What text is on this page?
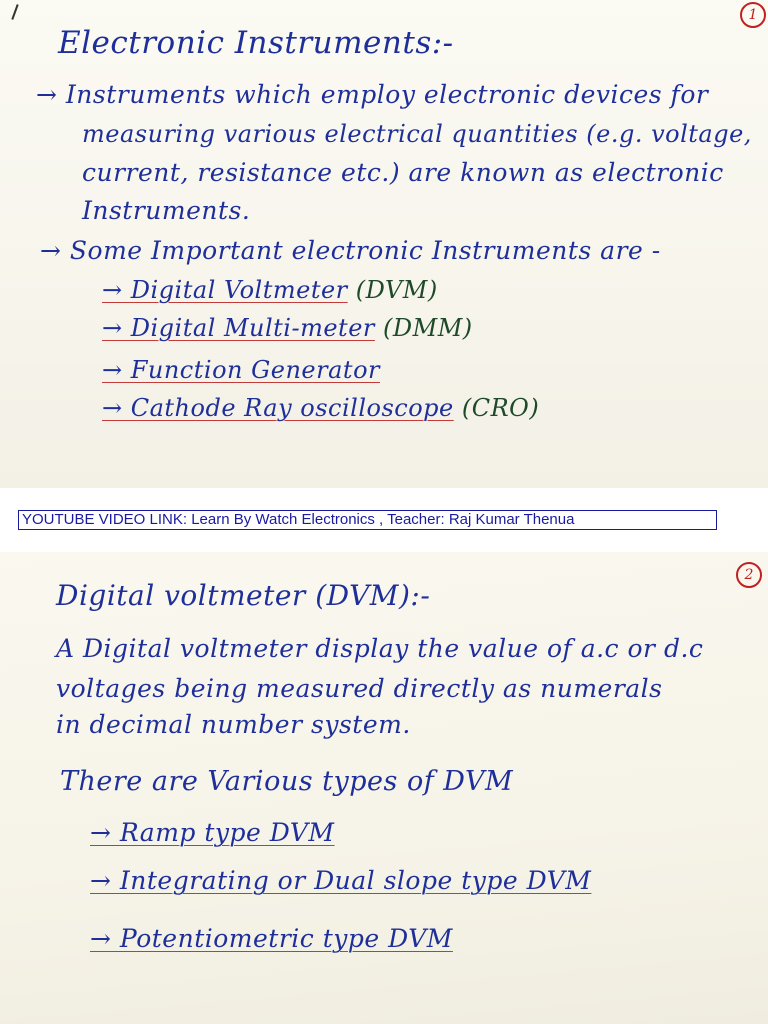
1

Electronic Instruments:-

→ Instruments which employ electronic devices for

measuring various electrical quantities (e.g. voltage,

current, resistance etc.) are known as electronic

Instruments.

→ Some Important electronic Instruments are -

→ Digital Voltmeter (DVM)

→ Digital Multi-meter (DMM)

→ Function Generator

→ Cathode Ray oscilloscope (CRO)

YOUTUBE VIDEO LINK: Learn By Watch Electronics , Teacher: Raj Kumar Thenua
2

Digital voltmeter (DVM):-

A Digital voltmeter display the value of a.c or d.c

voltages being measured directly as numerals

in decimal number system.

There are Various types of DVM

→ Ramp type DVM

→ Integrating or Dual slope type DVM

→ Potentiometric type DVM
